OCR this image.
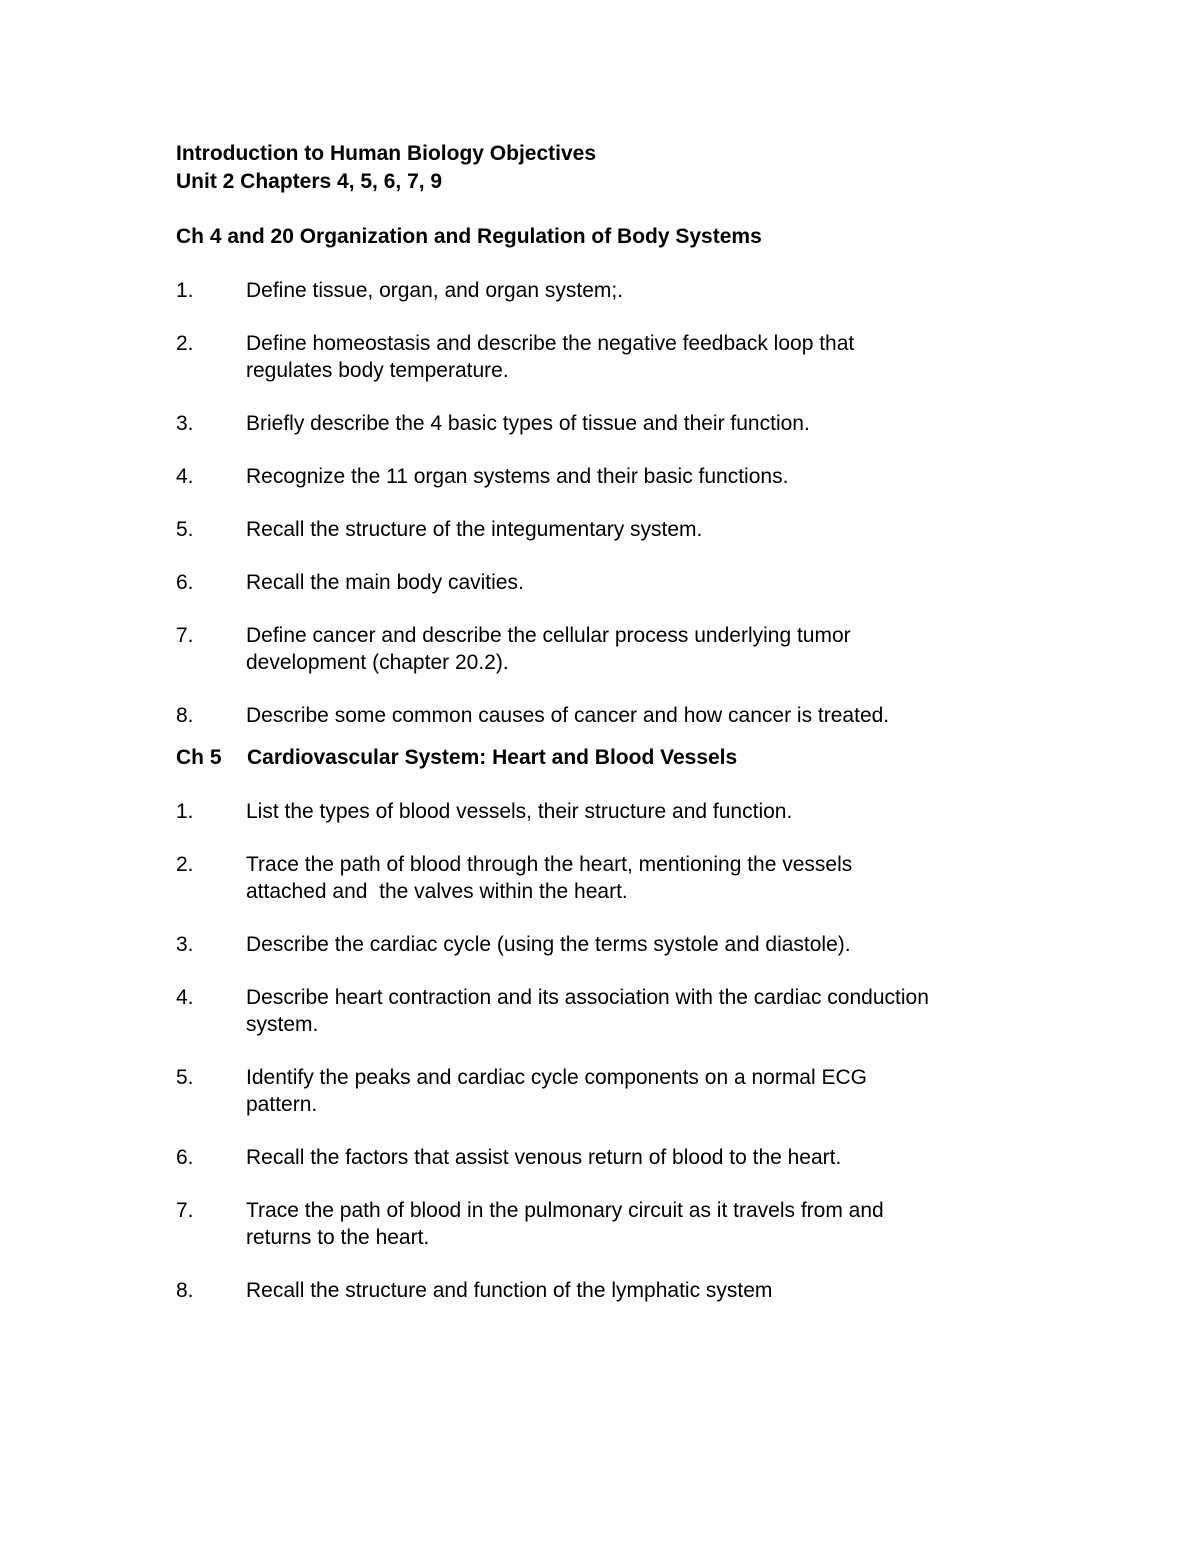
Introduction to Human Biology Objectives

Unit 2 Chapters 4, 5, 6, 7, 9

Ch 4 and 20 Organization and Regulation of Body Systems

1.	Define tissue, organ, and organ system;.
2.	Define homeostasis and describe the negative feedback loop that
regulates body temperature.
3.	Briefly describe the 4 basic types of tissue and their function.
4.	Recognize the 11 organ systems and their basic functions.
5.	Recall the structure of the integumentary system.
6.	Recall the main body cavities.
7.	Define cancer and describe the cellular process underlying tumor
development (chapter 20.2).
8.	Describe some common causes of cancer and how cancer is treated.

Ch 5 Cardiovascular System: Heart and Blood Vessels

1.	List the types of blood vessels, their structure and function.
2.	Trace the path of blood through the heart, mentioning the vessels
attached and  the valves within the heart.
3.	Describe the cardiac cycle (using the terms systole and diastole).
4.	Describe heart contraction and its association with the cardiac conduction
system.
5.	Identify the peaks and cardiac cycle components on a normal ECG
pattern.
6.	Recall the factors that assist venous return of blood to the heart.
7.	Trace the path of blood in the pulmonary circuit as it travels from and
returns to the heart.
8.	Recall the structure and function of the lymphatic system
